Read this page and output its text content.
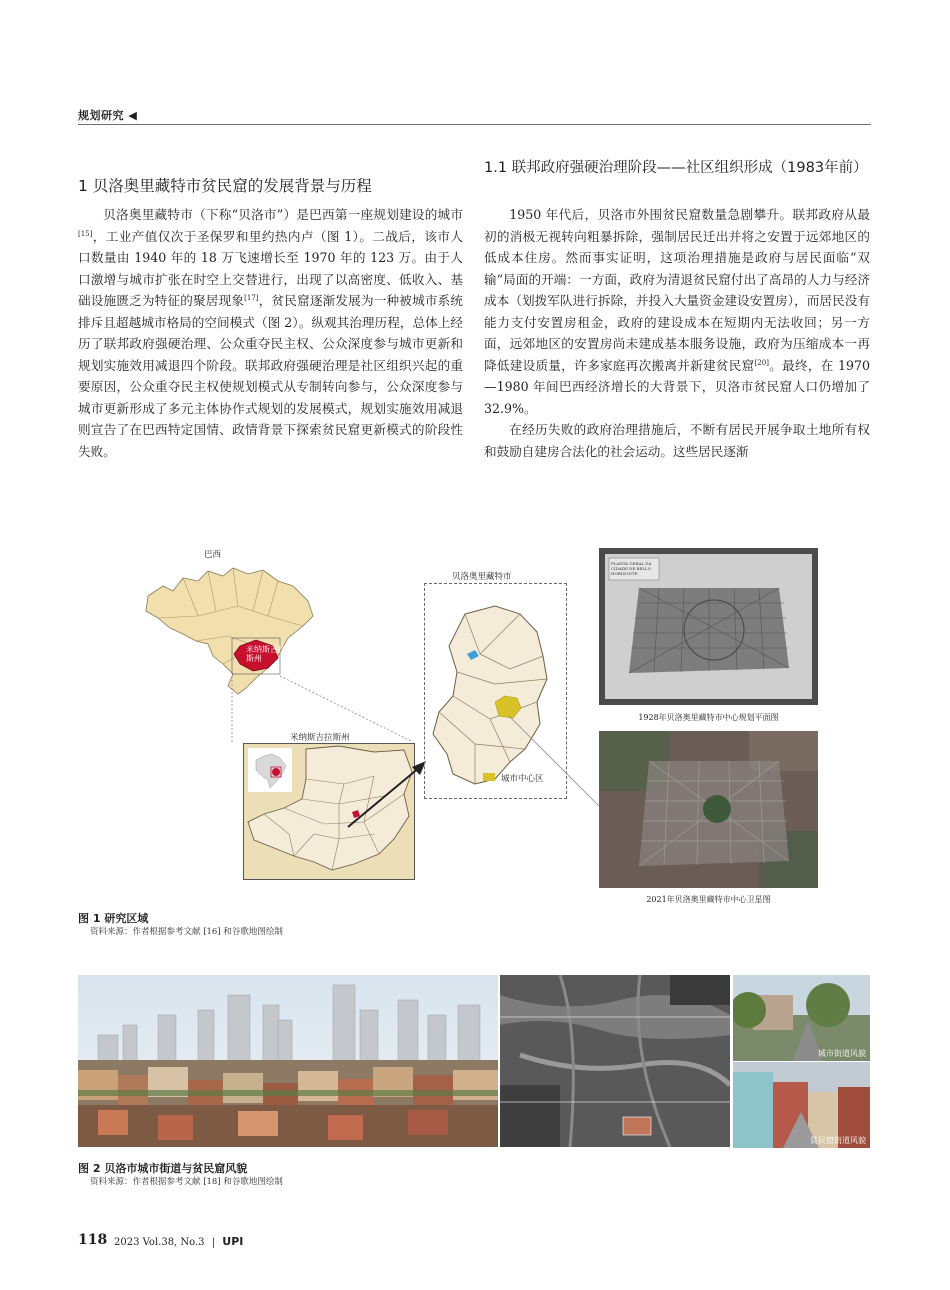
规划研究 ◀
1 贝洛奥里藏特市贫民窟的发展背景与历程
1.1 联邦政府强硬治理阶段——社区组织形成（1983年前）

贝洛奥里藏特市（下称“贝洛市”）是巴西第一座规划建设的城市[15]，工业产值仅次于圣保罗和里约热内卢（图 1）。二战后，该市人口数量由 1940 年的 18 万飞速增长至 1970 年的 123 万。由于人口激增与城市扩张在时空上交替进行，出现了以高密度、低收入、基础设施匮乏为特征的聚居现象[17]，贫民窟逐渐发展为一种被城市系统排斥且超越城市格局的空间模式（图 2）。纵观其治理历程，总体上经历了联邦政府强硬治理、公众重夺民主权、公众深度参与城市更新和规划实施效用减退四个阶段。联邦政府强硬治理是社区组织兴起的重要原因，公众重夺民主权使规划模式从专制转向参与，公众深度参与城市更新形成了多元主体协作式规划的发展模式，规划实施效用减退则宣告了在巴西特定国情、政情背景下探索贫民窟更新模式的阶段性失败。

1950 年代后，贝洛市外围贫民窟数量急剧攀升。联邦政府从最初的消极无视转向粗暴拆除，强制居民迁出并将之安置于远郊地区的低成本住房。然而事实证明，这项治理措施是政府与居民面临“双输”局面的开端：一方面，政府为清退贫民窟付出了高昂的人力与经济成本（划拨军队进行拆除，并投入大量资金建设安置房），而居民没有能力支付安置房租金，政府的建设成本在短期内无法收回；另一方面，远郊地区的安置房尚未建成基本服务设施，政府为压缩成本一再降低建设质量，许多家庭再次搬离并新建贫民窟[20]。最终，在 1970—1980 年间巴西经济增长的大背景下，贝洛市贫民窟人口仍增加了 32.9%。

在经历失败的政府治理措施后，不断有居民开展争取土地所有权和鼓励自建房合法化的社会运动。这些居民逐渐

巴西
米纳斯吉拉斯州
米纳斯吉拉斯州
贝洛奥里藏特市
城市中心区
PLANTA GERAL DA CIDADE DE BELLO HORIZONTE
1928年贝洛奥里藏特市中心规划平面图
2021年贝洛奥里藏特市中心卫星图
图 1 研究区域
资料来源：作者根据参考文献 [16] 和谷歌地图绘制
城市街道风貌
贫民窟街道风貌
图 2 贝洛市城市街道与贫民窟风貌
资料来源：作者根据参考文献 [18] 和谷歌地图绘制
118 2023 Vol.38, No.3 | UPI
